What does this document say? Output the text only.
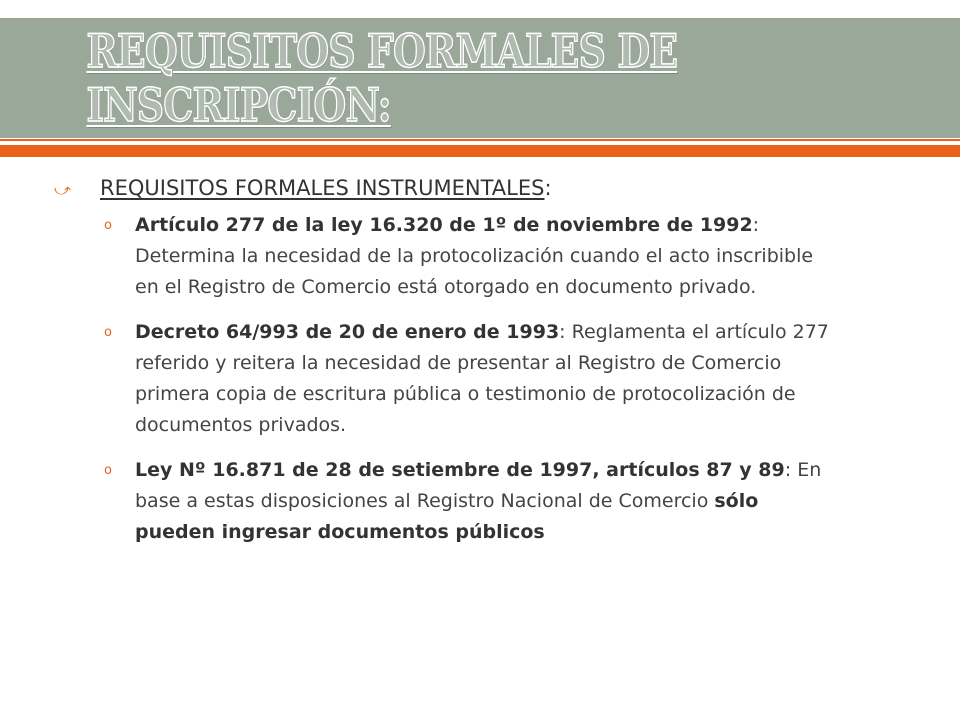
REQUISITOS FORMALES DE INSCRIPCIÓN:
⤻	REQUISITOS FORMALES INSTRUMENTALES:
o	Artículo 277 de la ley 16.320 de 1º de noviembre de 1992: Determina la necesidad de la protocolización cuando el acto inscribible en el Registro de Comercio está otorgado en documento privado.
o	Decreto 64/993 de 20 de enero de 1993: Reglamenta el artículo 277 referido y reitera la necesidad de presentar al Registro de Comercio primera copia de escritura pública o testimonio de protocolización de documentos privados.
o	Ley Nº 16.871 de 28 de setiembre de 1997, artículos 87 y 89: En base a estas disposiciones al Registro Nacional de Comercio sólo pueden ingresar documentos públicos
